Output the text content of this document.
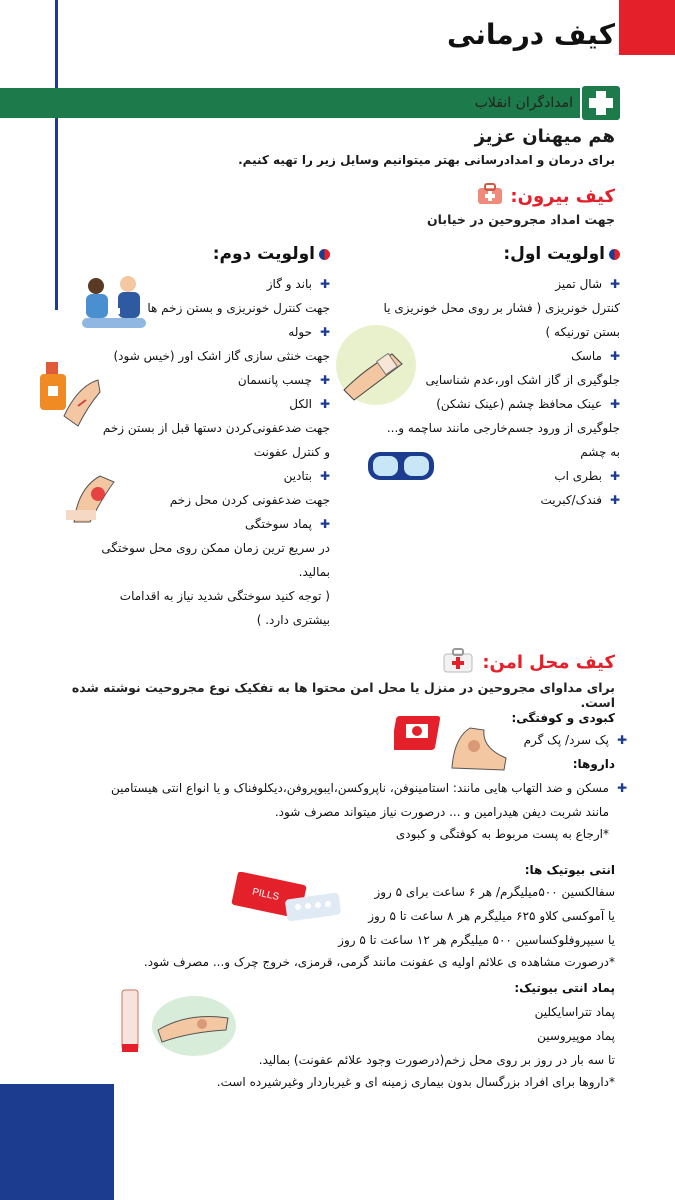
کیف درمانی
امدادگران انقلاب
هم میهنان عزیز
برای درمان و امدادرسانی بهتر میتوانیم وسایل زیر را تهیه کنیم.
کیف بیرون:
جهت امداد مجروحین در خیابان
اولویت اول:
✚شال تمیز
کنترل خونریزی ( فشار بر روی محل خونریزی یا
بستن تورنیکه )
✚ماسک
جلوگیری از گاز اشک اور،عدم شناسایی
✚عینک محافظ چشم (عینک نشکن)
جلوگیری از ورود جسم‌خارجی مانند ساچمه و...
به چشم
✚بطری اب
✚فندک/کبریت
اولویت دوم:
✚باند و گاز
جهت کنترل خونریزی و بستن زخم ها
✚حوله
جهت خنثی سازی گاز اشک اور (خیس شود)
✚چسب پانسمان
✚الکل
جهت ضدعفونی‌کردن دستها قبل از بستن زخم
و کنترل عفونت
✚بتادین
جهت ضدعفونی کردن محل زخم
✚پماد سوختگی
در سریع ترین زمان ممکن روی محل سوختگی
بمالید.
( توجه کنید سوختگی شدید نیاز به اقدامات
بیشتری دارد. )
کیف محل امن:
برای مداوای مجروحین در منزل یا محل امن محتوا ها به تفکیک نوع مجروحیت نوشته شده است.
کبودی و کوفتگی:
✚پک سرد/ پک گرم
داروها:
✚مسکن و ضد التهاب هایی مانند: استامینوفن، ناپروکسن،ایبوپروفن،دیکلوفناک و یا انواع انتی هیستامین
مانند شربت دیفن هیدرامین و ... درصورت نیاز میتواند مصرف شود.
*ارجاع به پست مربوط به کوفتگی و کبودی
انتی بیوتیک ها:
سفالکسین ۵۰۰میلیگرم/ هر ۶ ساعت برای ۵ روز
یا آموکسی کلاو ۶۲۵ میلیگرم هر ۸ ساعت تا ۵ روز
یا سیپروفلوکساسین ۵۰۰ میلیگرم هر ۱۲ ساعت تا ۵ روز
*درصورت مشاهده ی علائم اولیه ی عفونت مانند گرمی، قرمزی، خروج چرک و... مصرف شود.
PILLS
پماد انتی بیوتیک:
پماد تتراسایکلین
پماد موپیروسین
تا سه بار در روز بر روی محل زخم(درصورت وجود علائم عفونت) بمالید.
*داروها برای افراد بزرگسال بدون بیماری زمینه ای و غیرباردار وغیرشیرده است.
